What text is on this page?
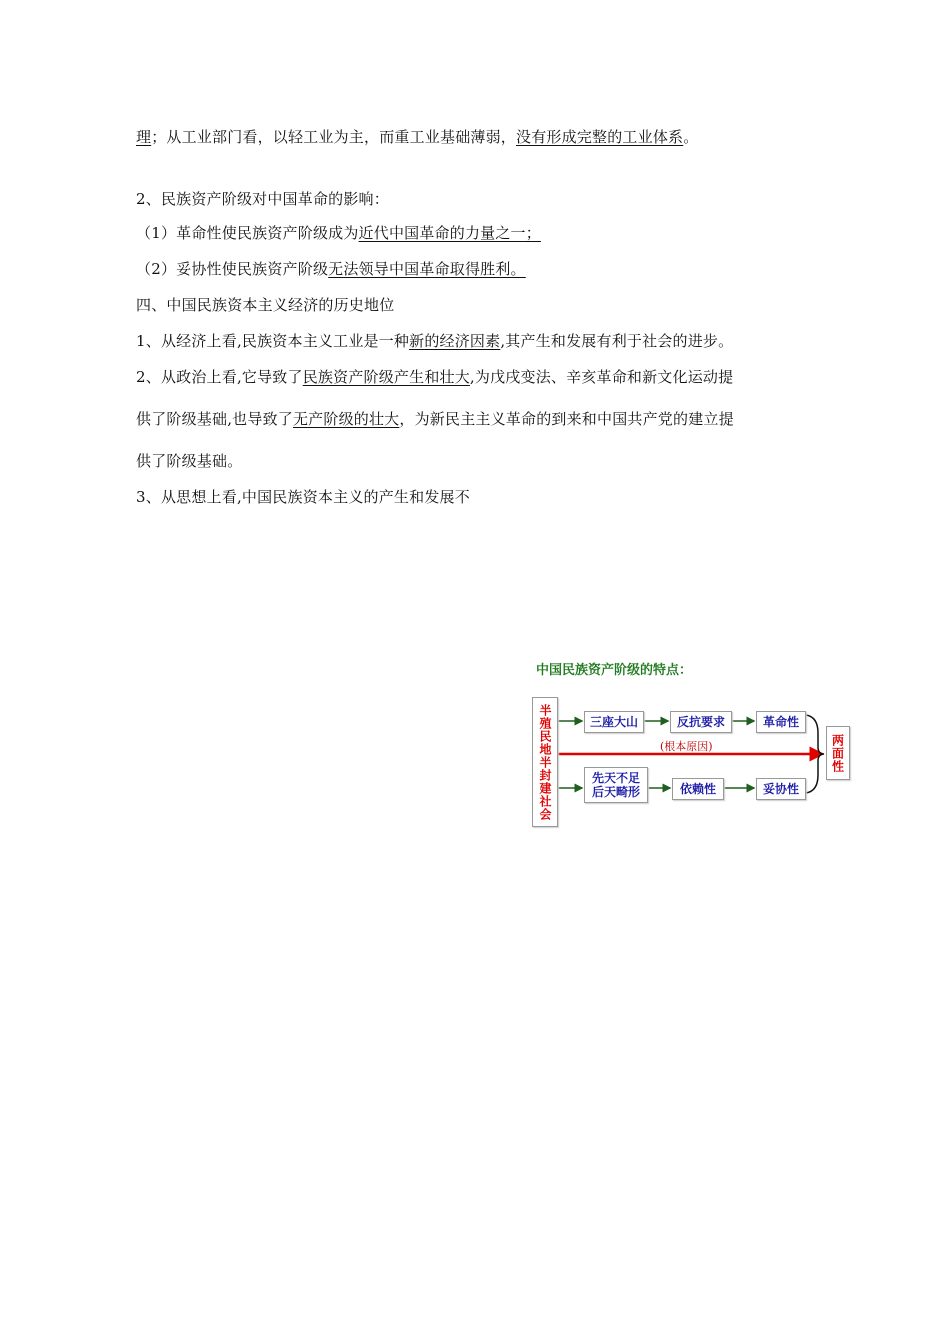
理；从工业部门看，以轻工业为主，而重工业基础薄弱，没有形成完整的工业体系。
2、民族资产阶级对中国革命的影响：
（1）革命性使民族资产阶级成为近代中国革命的力量之一；
（2）妥协性使民族资产阶级无法领导中国革命取得胜利。
四、中国民族资本主义经济的历史地位
1、从经济上看,民族资本主义工业是一种新的经济因素,其产生和发展有利于社会的进步。
2、从政治上看,它导致了民族资产阶级产生和壮大,为戊戌变法、辛亥革命和新文化运动提
供了阶级基础,也导致了无产阶级的壮大，为新民主主义革命的到来和中国共产党的建立提
供了阶级基础。
3、从思想上看,中国民族资本主义的产生和发展不
中国民族资产阶级的特点：
半殖民地半封建社会	三座大山	反抗要求	革命性
(根本原因)
先天不足
后天畸形	依赖性	妥协性
两面性
